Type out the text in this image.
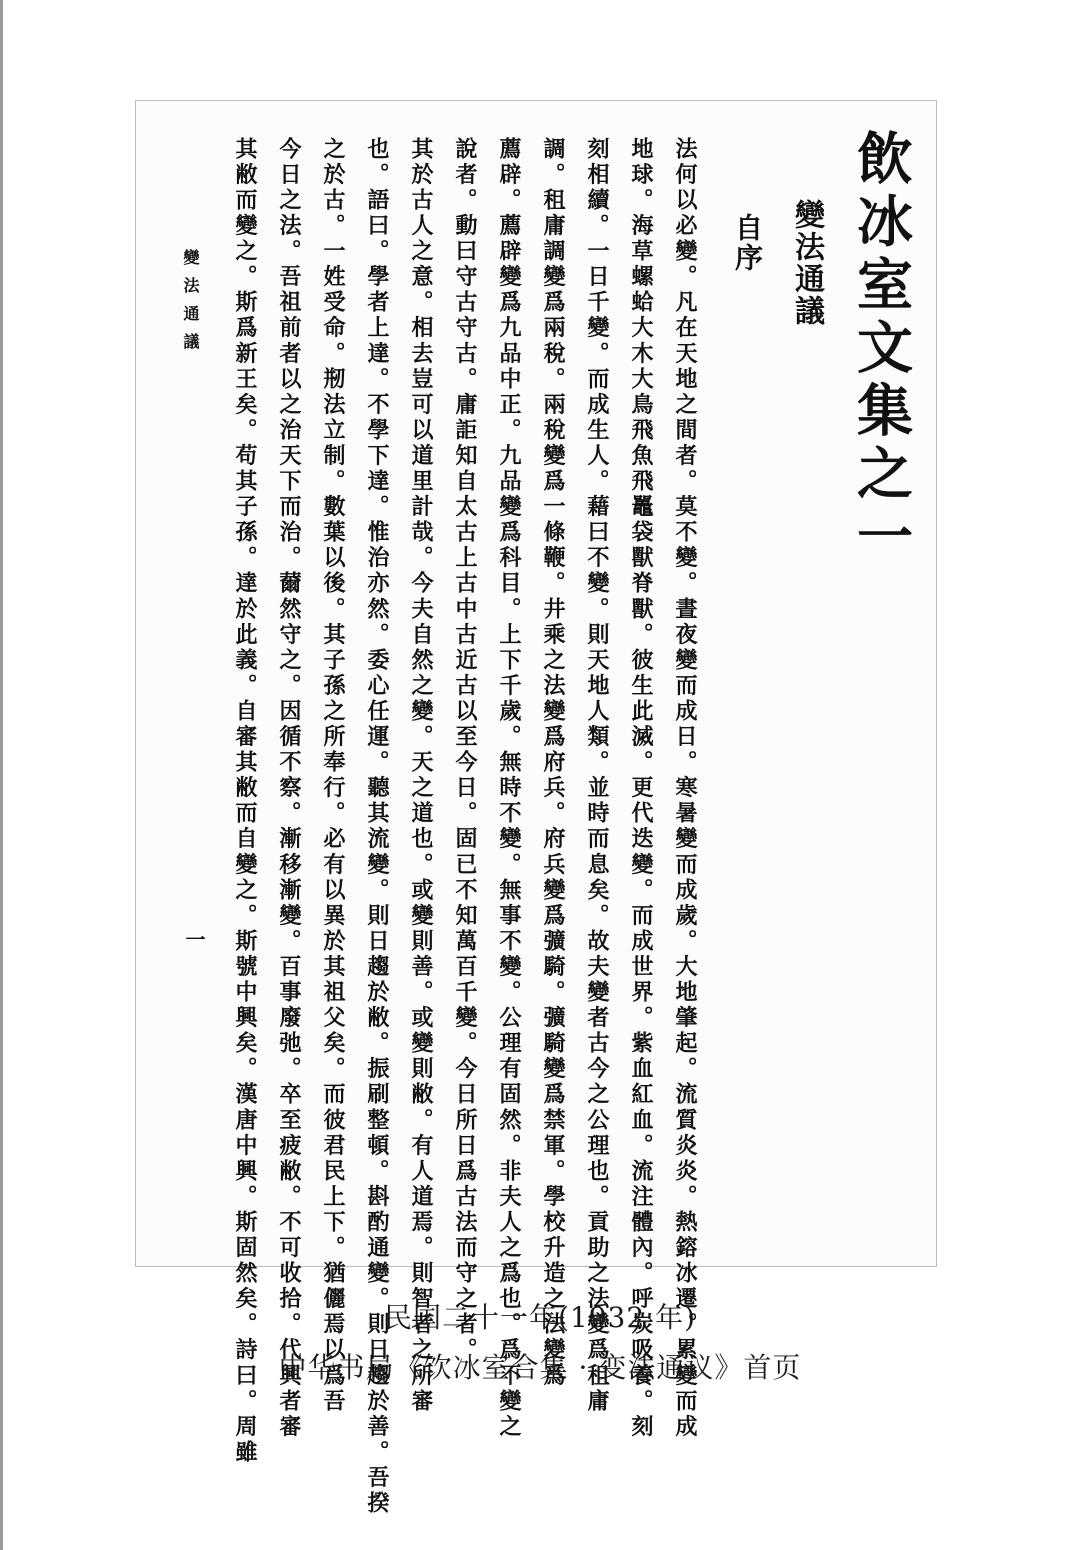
飲冰室文集之一
變法通議
自序
法何以必變。凡在天地之間者。莫不變。晝夜變而成日。寒暑變而成歲。大地肇起。流質炎炎。熱鎔冰遷。累變而成
地球。海草螺蛤大木大鳥飛魚飛鼉袋獸脊獸。彼生此滅。更代迭變。而成世界。紫血紅血。流注體內。呼炭吸養。刻
刻相續。一日千變。而成生人。藉曰不變。則天地人類。並時而息矣。故夫變者古今之公理也。貢助之法變爲租庸
調。租庸調變爲兩稅。兩稅變爲一條鞭。井乘之法變爲府兵。府兵變爲彍騎。彍騎變爲禁軍。學校升造之法變爲
薦辟。薦辟變爲九品中正。九品變爲科目。上下千歲。無時不變。無事不變。公理有固然。非夫人之爲也。爲不變之
說者。動曰守古守古。庸詎知自太古上古中古近古以至今日。固已不知萬百千變。今日所日爲古法而守之者。
其於古人之意。相去豈可以道里計哉。今夫自然之變。天之道也。或變則善。或變則敝。有人道焉。則智者之所審
也。語曰。學者上達。不學下達。惟治亦然。委心任運。聽其流變。則日趨於敝。振刷整頓。斟酌通變。則日趨於善。吾揆
之於古。一姓受命。剏法立制。數葉以後。其子孫之所奉行。必有以異於其祖父矣。而彼君民上下。猶儷焉以爲吾
今日之法。吾祖前者以之治天下而治。薾然守之。因循不察。漸移漸變。百事廢弛。卒至疲敝。不可收拾。代興者審
其敝而變之。斯爲新王矣。苟其子孫。達於此義。自審其敝而自變之。斯號中興矣。漢唐中興。斯固然矣。詩曰。周雖
變法通議
一
民国二十一年(1932 年)
中华书局《饮冰室合集 · 变法通议》首页
